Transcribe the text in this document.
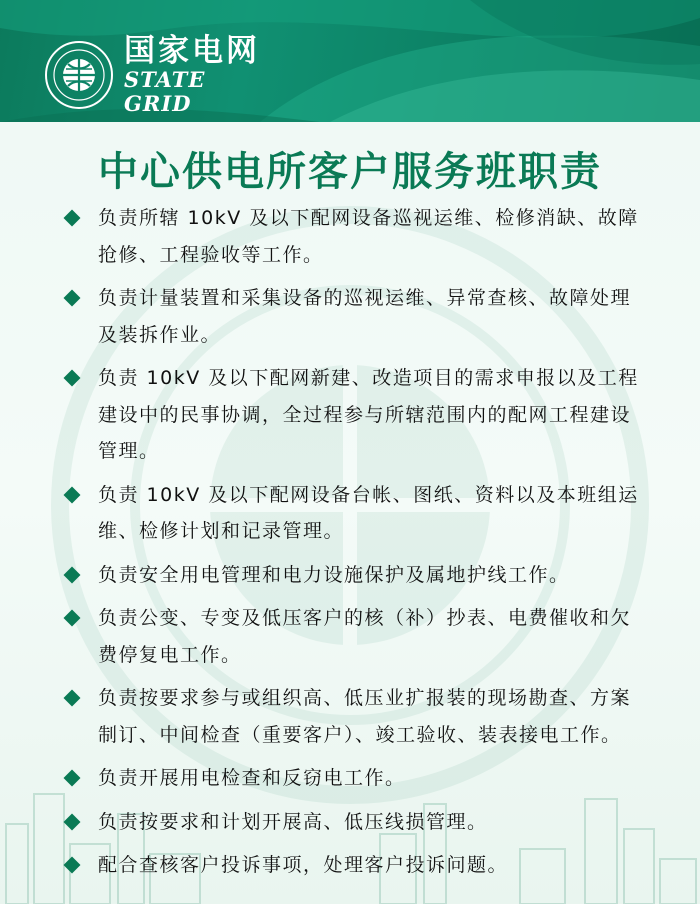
国家电网
STATE GRID
中心供电所客户服务班职责
负责所辖 10kV 及以下配网设备巡视运维、检修消缺、故障抢修、工程验收等工作。
负责计量装置和采集设备的巡视运维、异常查核、故障处理及装拆作业。
负责 10kV 及以下配网新建、改造项目的需求申报以及工程建设中的民事协调，全过程参与所辖范围内的配网工程建设管理。
负责 10kV 及以下配网设备台帐、图纸、资料以及本班组运维、检修计划和记录管理。
负责安全用电管理和电力设施保护及属地护线工作。
负责公变、专变及低压客户的核（补）抄表、电费催收和欠费停复电工作。
负责按要求参与或组织高、低压业扩报装的现场勘查、方案制订、中间检查（重要客户）、竣工验收、装表接电工作。
负责开展用电检查和反窃电工作。
负责按要求和计划开展高、低压线损管理。
配合查核客户投诉事项，处理客户投诉问题。
